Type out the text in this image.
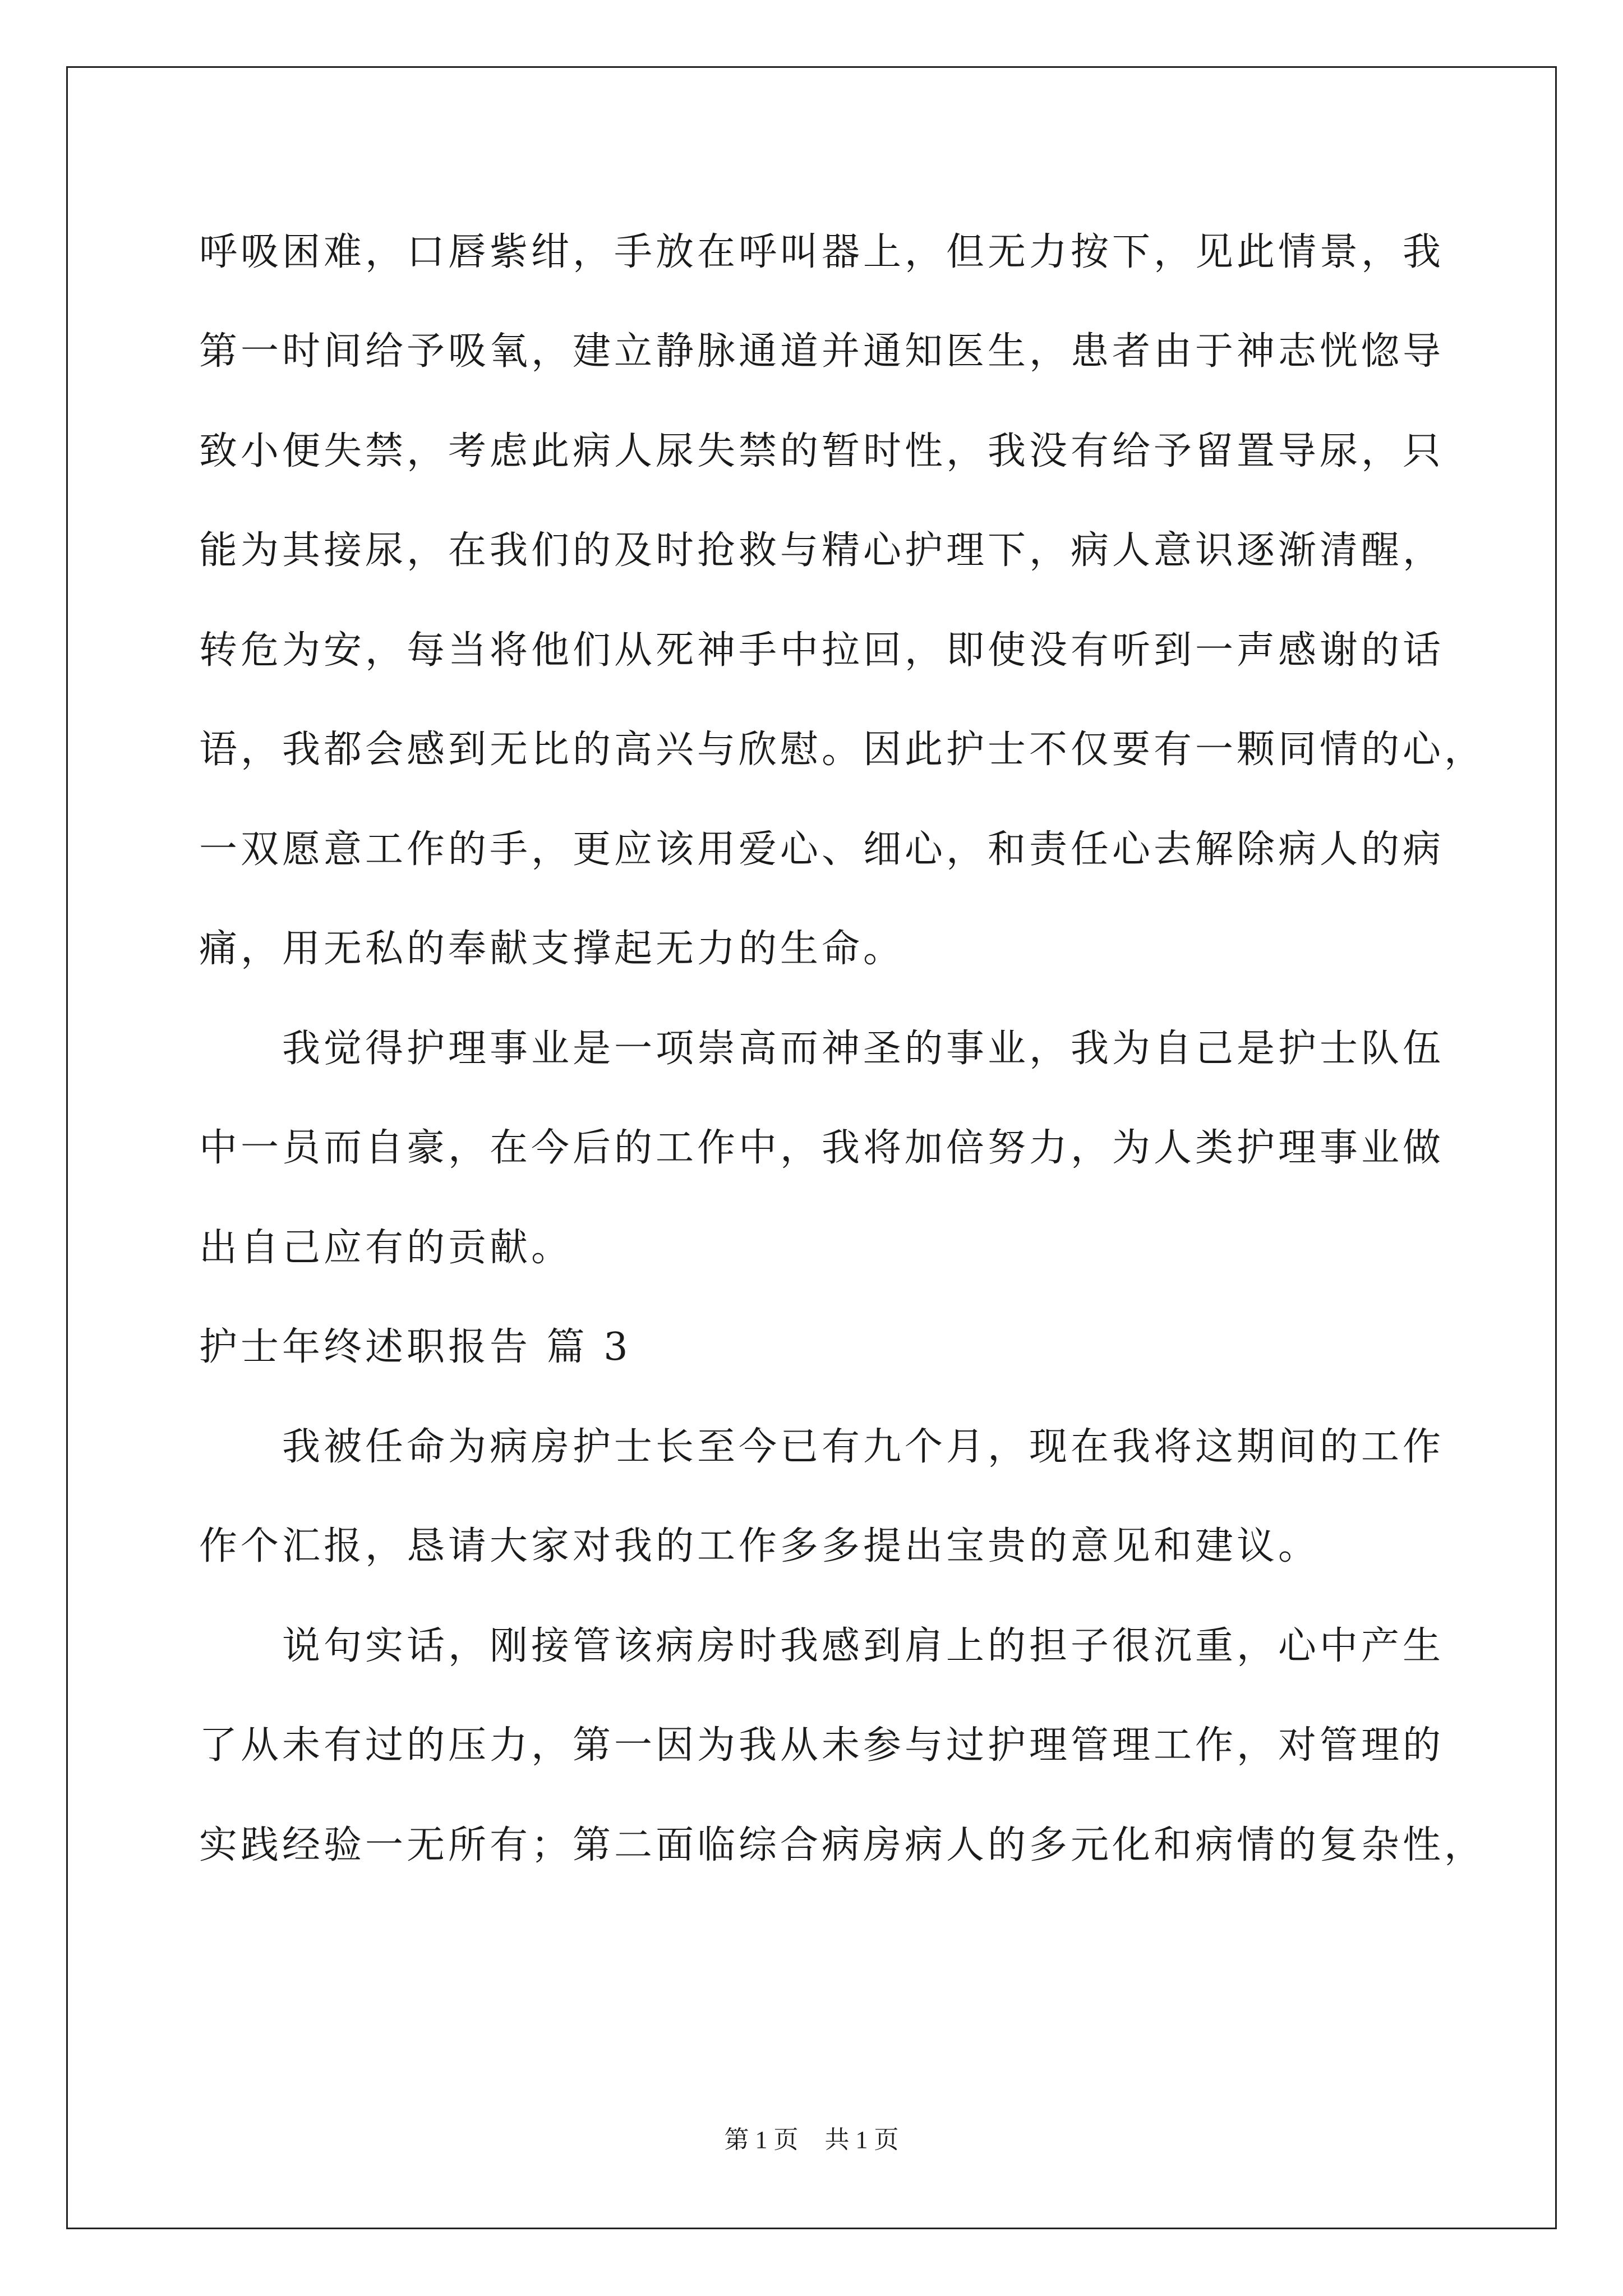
呼吸困难，口唇紫绀，手放在呼叫器上，但无力按下，见此情景，我
第一时间给予吸氧，建立静脉通道并通知医生，患者由于神志恍惚导
致小便失禁，考虑此病人尿失禁的暂时性，我没有给予留置导尿，只
能为其接尿，在我们的及时抢救与精心护理下，病人意识逐渐清醒，
转危为安，每当将他们从死神手中拉回，即使没有听到一声感谢的话
语，我都会感到无比的高兴与欣慰。因此护士不仅要有一颗同情的心，
一双愿意工作的手，更应该用爱心、细心，和责任心去解除病人的病
痛，用无私的奉献支撑起无力的生命。
我觉得护理事业是一项崇高而神圣的事业，我为自己是护士队伍
中一员而自豪，在今后的工作中，我将加倍努力，为人类护理事业做
出自己应有的贡献。
护士年终述职报告 篇 3
我被任命为病房护士长至今已有九个月，现在我将这期间的工作
作个汇报，恳请大家对我的工作多多提出宝贵的意见和建议。
说句实话，刚接管该病房时我感到肩上的担子很沉重，心中产生
了从未有过的压力，第一因为我从未参与过护理管理工作，对管理的
实践经验一无所有；第二面临综合病房病人的多元化和病情的复杂性，
第 1 页 共 1 页
